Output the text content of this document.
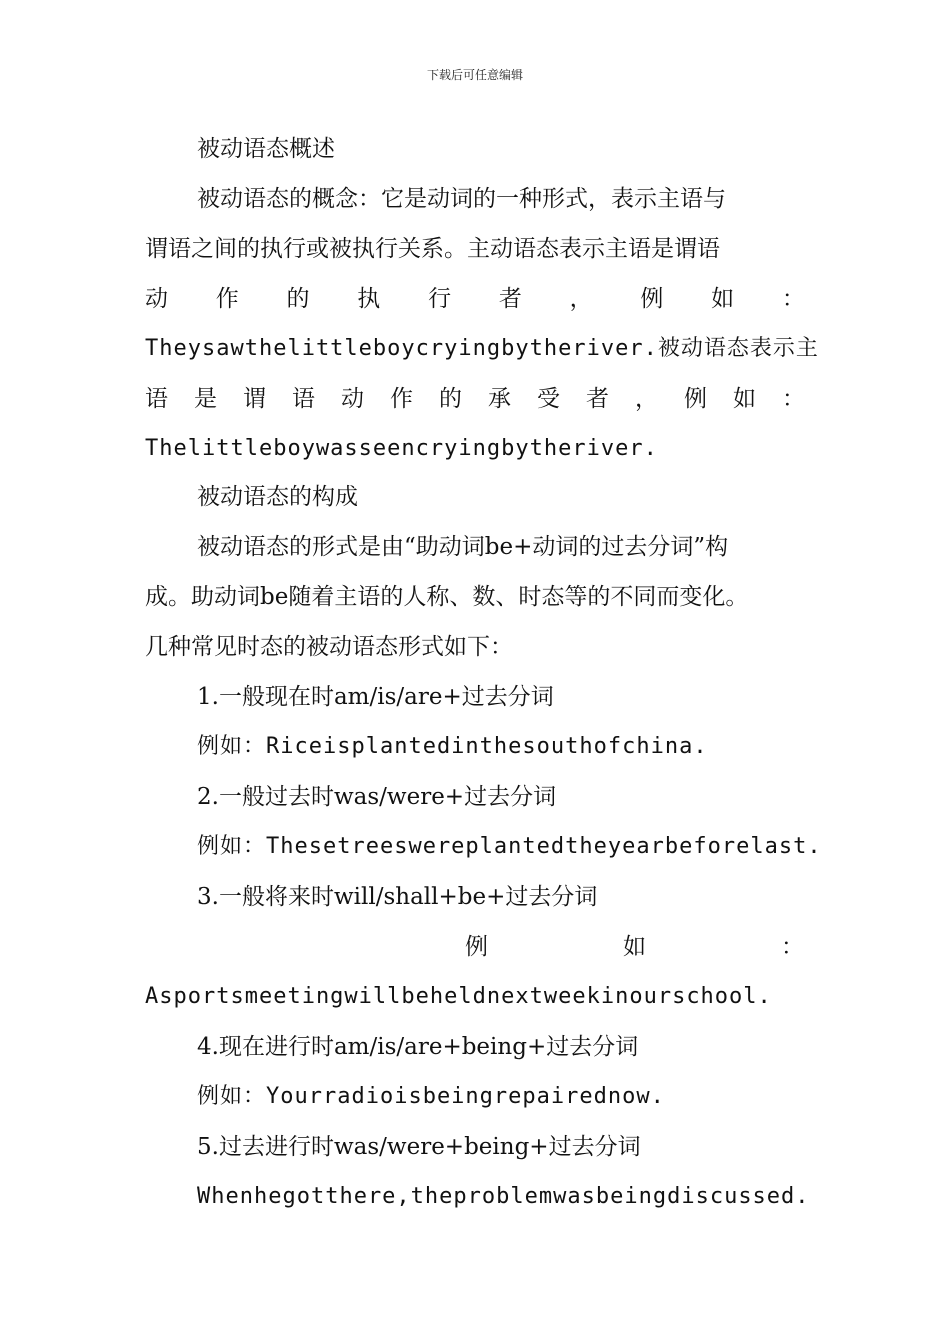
下载后可任意编辑
被动语态概述
被动语态的概念：它是动词的一种形式，表示主语与
谓语之间的执行或被执行关系。主动语态表示主语是谓语
动 作 的 执 行 者 ， 例 如 ：
Theysawthelittleboycryingbytheriver.被动语态表示主
语 是 谓 语 动 作 的 承 受 者 ， 例 如 ：
Thelittleboywasseencryingbytheriver.
被动语态的构成
被动语态的形式是由“助动词be+动词的过去分词”构
成。助动词be随着主语的人称、数、时态等的不同而变化。
几种常见时态的被动语态形式如下：
1.一般现在时am/is/are+过去分词
例如：Riceisplantedinthesouthofchina.
2.一般过去时was/were+过去分词
例如：Thesetreeswereplantedtheyearbeforelast.
3.一般将来时will/shall+be+过去分词
例	如	：
Asportsmeetingwillbeheldnextweekinourschool.
4.现在进行时am/is/are+being+过去分词
例如：Yourradioisbeingrepairednow.
5.过去进行时was/were+being+过去分词
Whenhegotthere,theproblemwasbeingdiscussed.
